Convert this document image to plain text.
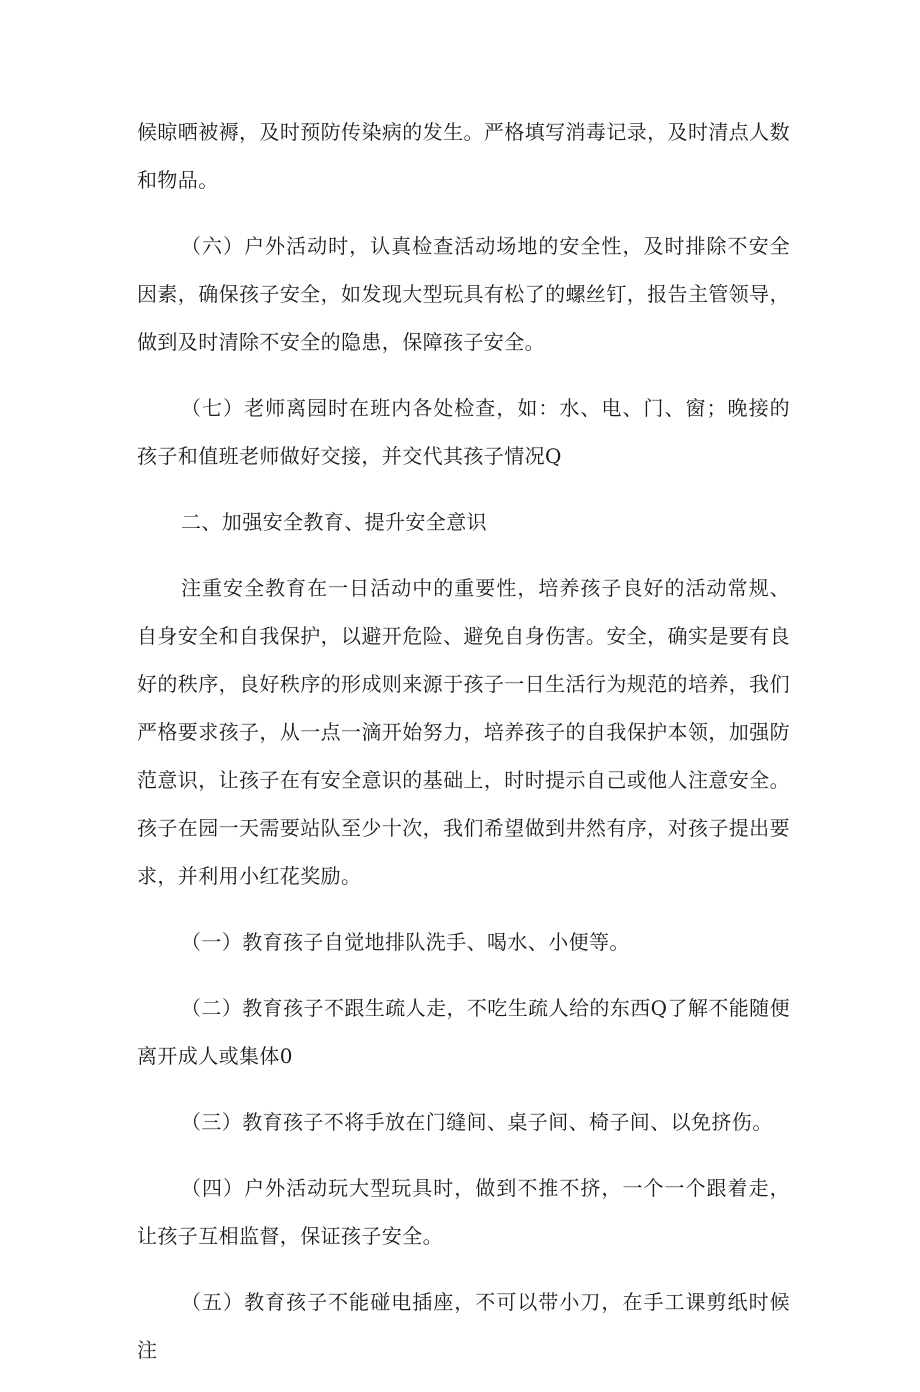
候晾晒被褥，及时预防传染病的发生。严格填写消毒记录，及时清点人数和物品。

（六）户外活动时，认真检查活动场地的安全性，及时排除不安全因素，确保孩子安全，如发现大型玩具有松了的螺丝钉，报告主管领导，做到及时清除不安全的隐患，保障孩子安全。

（七）老师离园时在班内各处检查，如：水、电、门、窗；晚接的孩子和值班老师做好交接，并交代其孩子情况Q

二、加强安全教育、提升安全意识

注重安全教育在一日活动中的重要性，培养孩子良好的活动常规、自身安全和自我保护，以避开危险、避免自身伤害。安全，确实是要有良好的秩序，良好秩序的形成则来源于孩子一日生活行为规范的培养，我们严格要求孩子，从一点一滴开始努力，培养孩子的自我保护本领，加强防范意识，让孩子在有安全意识的基础上，时时提示自己或他人注意安全。孩子在园一天需要站队至少十次，我们希望做到井然有序，对孩子提出要求，并利用小红花奖励。

（一）教育孩子自觉地排队洗手、喝水、小便等。

（二）教育孩子不跟生疏人走，不吃生疏人给的东西Q了解不能随便离开成人或集体0

（三）教育孩子不将手放在门缝间、桌子间、椅子间、以免挤伤。

（四）户外活动玩大型玩具时，做到不推不挤，一个一个跟着走，让孩子互相监督，保证孩子安全。

（五）教育孩子不能碰电插座，不可以带小刀，在手工课剪纸时候注
